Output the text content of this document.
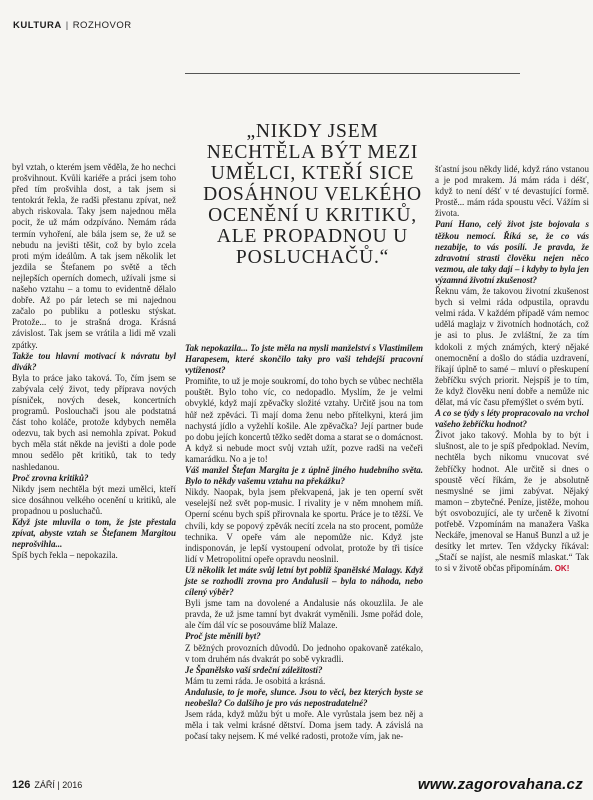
KULTURA | ROZHOVOR
„NIKDY JSEM NECHTĚLA BÝT MEZI UMĚLCI, KTEŘÍ SICE DOSÁHNOU VELKÉHO OCENĚNÍ U KRITIKŮ, ALE PROPADNOU U POSLUCHAČŮ.“

byl vztah, o kterém jsem věděla, že ho nechci prošvihnout. Kvůli kariéře a práci jsem toho před tím prošvihla dost, a tak jsem si tentokrát řekla, že radši přestanu zpívat, než abych riskovala. Taky jsem najednou měla pocit, že už mám odzpíváno. Nemám ráda termín vyhoření, ale bála jsem se, že už se nebudu na jevišti těšit, což by bylo zcela proti mým ideálům. A tak jsem několik let jezdila se Štefanem po světě a těch nejlepších operních domech, užívali jsme si našeho vztahu – a tomu to evidentně dělalo dobře. Až po pár letech se mi najednou začalo po publiku a potlesku stýskat. Protože... to je strašná droga. Krásná závislost. Tak jsem se vrátila a lidi mě vzali zpátky.

Takže tou hlavní motivací k návratu byl divák?

Byla to práce jako taková. To, čím jsem se zabývala celý život, tedy příprava nových písniček, nových desek, koncertních programů. Poslouchači jsou ale podstatná část toho koláče, protože kdybych neměla odezvu, tak bych asi nemohla zpívat. Pokud bych měla stát někde na jevišti a dole pode mnou sedělo pět kritiků, tak to tedy nashledanou.

Proč zrovna kritiků?

Nikdy jsem nechtěla být mezi umělci, kteří sice dosáhnou velkého ocenění u kritiků, ale propadnou u posluchačů.

Když jste mluvila o tom, že jste přestala zpívat, abyste vztah se Štefanem Margitou neprošvihla...

Spíš bych řekla – nepokazila.

Tak nepokazila... To jste měla na mysli manželství s Vlastimilem Harapesem, které skončilo taky pro vaši tehdejší pracovní vytíženost?

Promiňte, to už je moje soukromí, do toho bych se vůbec nechtěla pouštět. Bylo toho víc, co nedopadlo. Myslím, že je velmi obvyklé, když mají zpěvačky složité vztahy. Určitě jsou na tom hůř než zpěváci. Ti mají doma ženu nebo přítelkyni, která jim nachystá jídlo a vyžehlí košile. Ale zpěvačka? Její partner bude po dobu jejích koncertů těžko sedět doma a starat se o domácnost. A když si nebude moct svůj vztah užít, pozve radši na večeři kamarádku. No a je to!

Váš manžel Štefan Margita je z úplně jiného hudebního světa. Bylo to někdy vašemu vztahu na překážku?

Nikdy. Naopak, byla jsem překvapená, jak je ten operní svět veselejší než svět pop-music. I rivality je v něm mnohem míň. Operní scénu bych spíš přirovnala ke sportu. Práce je to těžší. Ve chvíli, kdy se popový zpěvák necítí zcela na sto procent, pomůže technika. V opeře vám ale nepomůže nic. Když jste indisponován, je lepší vystoupení odvolat, protože by tři tisíce lidí v Metropolitní opeře opravdu neoslnil.

Už několik let máte svůj letní byt poblíž španělské Malagy. Když jste se rozhodli zrovna pro Andalusii – byla to náhoda, nebo cílený výběr?

Byli jsme tam na dovolené a Andalusie nás okouzlila. Je ale pravda, že už jsme tamní byt dvakrát vyměnili. Jsme pořád dole, ale čím dál víc se posouváme blíž Malaze.

Proč jste měnili byt?

Z běžných provozních důvodů. Do jednoho opakovaně zatékalo, v tom druhém nás dvakrát po sobě vykradli.

Je Španělsko vaší srdeční záležitostí?

Mám tu zemi ráda. Je osobitá a krásná.

Andalusie, to je moře, slunce. Jsou to věci, bez kterých byste se neobešla? Co dalšího je pro vás nepostradatelné?

Jsem ráda, když můžu být u moře. Ale vyrůstala jsem bez něj a měla i tak velmi krásné dětství. Doma jsem tady. A závislá na počasí taky nejsem. K mé velké radosti, protože vím, jak ne-

šťastní jsou někdy lidé, když ráno vstanou a je pod mrakem. Já mám ráda i déšť, když to není déšť v té devastující formě. Prostě... mám ráda spoustu věcí. Vážím si života.

Paní Hano, celý život jste bojovala s těžkou nemocí. Říká se, že co vás nezabije, to vás posílí. Je pravda, že zdravotní strasti člověku nejen něco vezmou, ale taky dají – i kdyby to byla jen výzamná životní zkušenost?

Řeknu vám, že takovou životní zkušenost bych si velmi ráda odpustila, opravdu velmi ráda. V každém případě vám nemoc udělá maglajz v životních hodnotách, což je asi to plus. Je zvláštní, že za tím kdokoli z mých známých, který nějaké onemocnění a došlo do stádia uzdravení, říkají úplně to samé – mluví o přeskupení žebříčku svých priorit. Nejspíš je to tím, že když člověku není dobře a nemůže nic dělat, má víc času přemýšlet o svém bytí.

A co se týdy s léty propracovalo na vrchol vašeho žebříčku hodnot?

Život jako takový. Mohla by to být i slušnost, ale to je spíš předpoklad. Nevím, nechtěla bych nikomu vnucovat své žebříčky hodnot. Ale určitě si dnes o spoustě věcí říkám, že je absolutně nesmyslné se jimi zabývat. Nějaký mamon – zbytečné. Peníze, jistěže, mohou být osvobozující, ale ty určeně k životní potřebě. Vzpomínám na manažera Vaška Neckáře, jmenoval se Hanuš Bunzl a už je desítky let mrtev. Ten vždycky říkával: „Stačí se najíst, ale nesmíš mlaskat.“ Tak to si v životě občas připomínám. OK!

126 ZÁŘÍ | 2016	www.zagorovahana.cz
